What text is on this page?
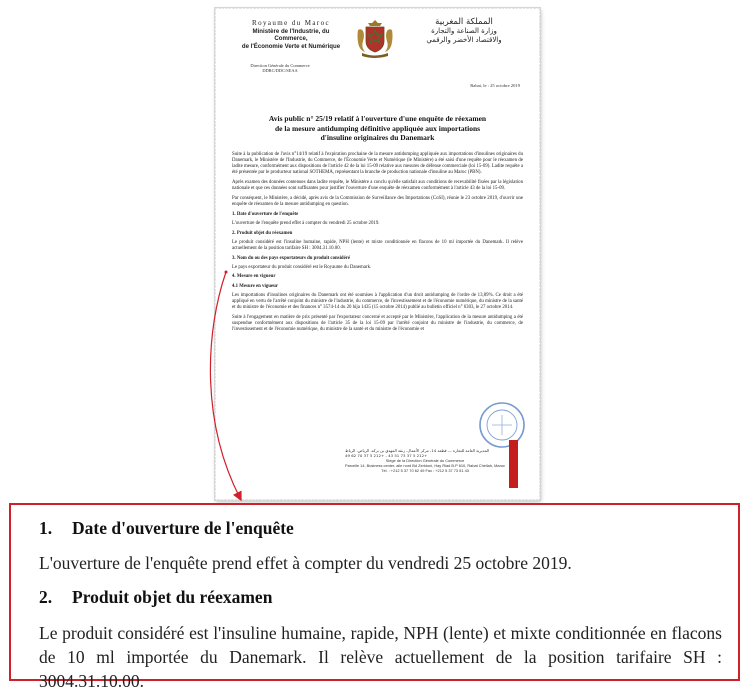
Royaume du Maroc
Ministère de l'Industrie, du Commerce,
de l'Économie Verte et Numérique
المملكة المغربية
وزارة الصناعة والتجارة
والاقتصاد الأخضر والرقمي
Direction Générale du Commerce
DDRC/DDC/SEAA
Rabat, le : 25 octobre 2019
Avis public n° 25/19 relatif à l'ouverture d'une enquête de réexamen
de la mesure antidumping définitive appliquée aux importations
d'insuline originaires du Danemark

Suite à la publication de l'avis n°14/19 relatif à l'expiration prochaine de la mesure antidumping appliquée aux importations d'insulines originaires du Danemark, le Ministère de l'Industrie, du Commerce, de l'Économie Verte et Numérique (le Ministère) a été saisi d'une requête pour le réexamen de ladite mesure, conformément aux dispositions de l'article 42 de la loi 15-09 relative aux mesures de défense commerciale (loi 15-09). Ladite requête a été présentée par le producteur national SOTHEMA, représentant la branche de production nationale d'insuline au Maroc (PBN).

Après examen des données contenues dans ladite requête, le Ministère a conclu qu'elle satisfait aux conditions de recevabilité fixées par la législation nationale et que ces données sont suffisantes pour justifier l'ouverture d'une enquête de réexamen conformément à l'article 43 de la loi 15-09.

Par conséquent, le Ministère, a décidé, après avis de la Commission de Surveillance des Importations (CoSI), réunie le 23 octobre 2019, d'ouvrir une enquête de réexamen de la mesure antidumping en question.

1. Date d'ouverture de l'enquête

L'ouverture de l'enquête prend effet à compter du vendredi 25 octobre 2019.

2. Produit objet du réexamen

Le produit considéré est l'insuline humaine, rapide, NPH (lente) et mixte conditionnée en flacons de 10 ml importée du Danemark. Il relève actuellement de la position tarifaire SH : 3004.31.10.00.

3. Nom du ou des pays exportateurs du produit considéré

Le pays exportateur du produit considéré est le Royaume du Danemark.

4. Mesure en vigueur
4.1 Mesure en vigueur

Les importations d'insulines originaires du Danemark ont été soumises à l'application d'un droit antidumping de l'ordre de 13,89%. Ce droit a été appliqué en vertu de l'arrêté conjoint du ministre de l'industrie, du commerce, de l'investissement et de l'économie numérique, du ministre de la santé et du ministre de l'économie et des finances n° 3574-14 du 20 hija 1435 (15 octobre 2014) publié au bulletin officiel n° 6303, le 27 octobre 2014.

Suite à l'engagement en matière de prix présenté par l'exportateur concerné et accepté par le Ministère, l'application de la mesure antidumping a été suspendue conformément aux dispositions de l'article 35 de la loi 15-09 par l'arrêté conjoint du ministre de l'industrie, du commerce, de l'investissement et de l'économie numérique, du ministre de la santé et du ministre de l'économie et

المديرية العامة للتجارة — قطعة 14، مركز الأعمال، زنقة المهدي بن بركة، الرياض، الرباط
+212 5 37 73 51 43 - +212 5 37 70 62 49
Siège de la Direction Générale du Commerce
Parcelle 14, Business center, aile nord Bd Zerktoni, Hay Riad B.P 610, Rabat Chellah, Maroc
Tél. : +212 5 37 70 62 49 Fax : +212 5 37 73 51 43
1. Date d'ouverture de l'enquête
L'ouverture de l'enquête prend effet à compter du vendredi 25 octobre 2019.
2. Produit objet du réexamen
Le produit considéré est l'insuline humaine, rapide, NPH (lente) et mixte conditionnée en flacons de 10 ml importée du Danemark. Il relève actuellement de la position tarifaire SH : 3004.31.10.00.
